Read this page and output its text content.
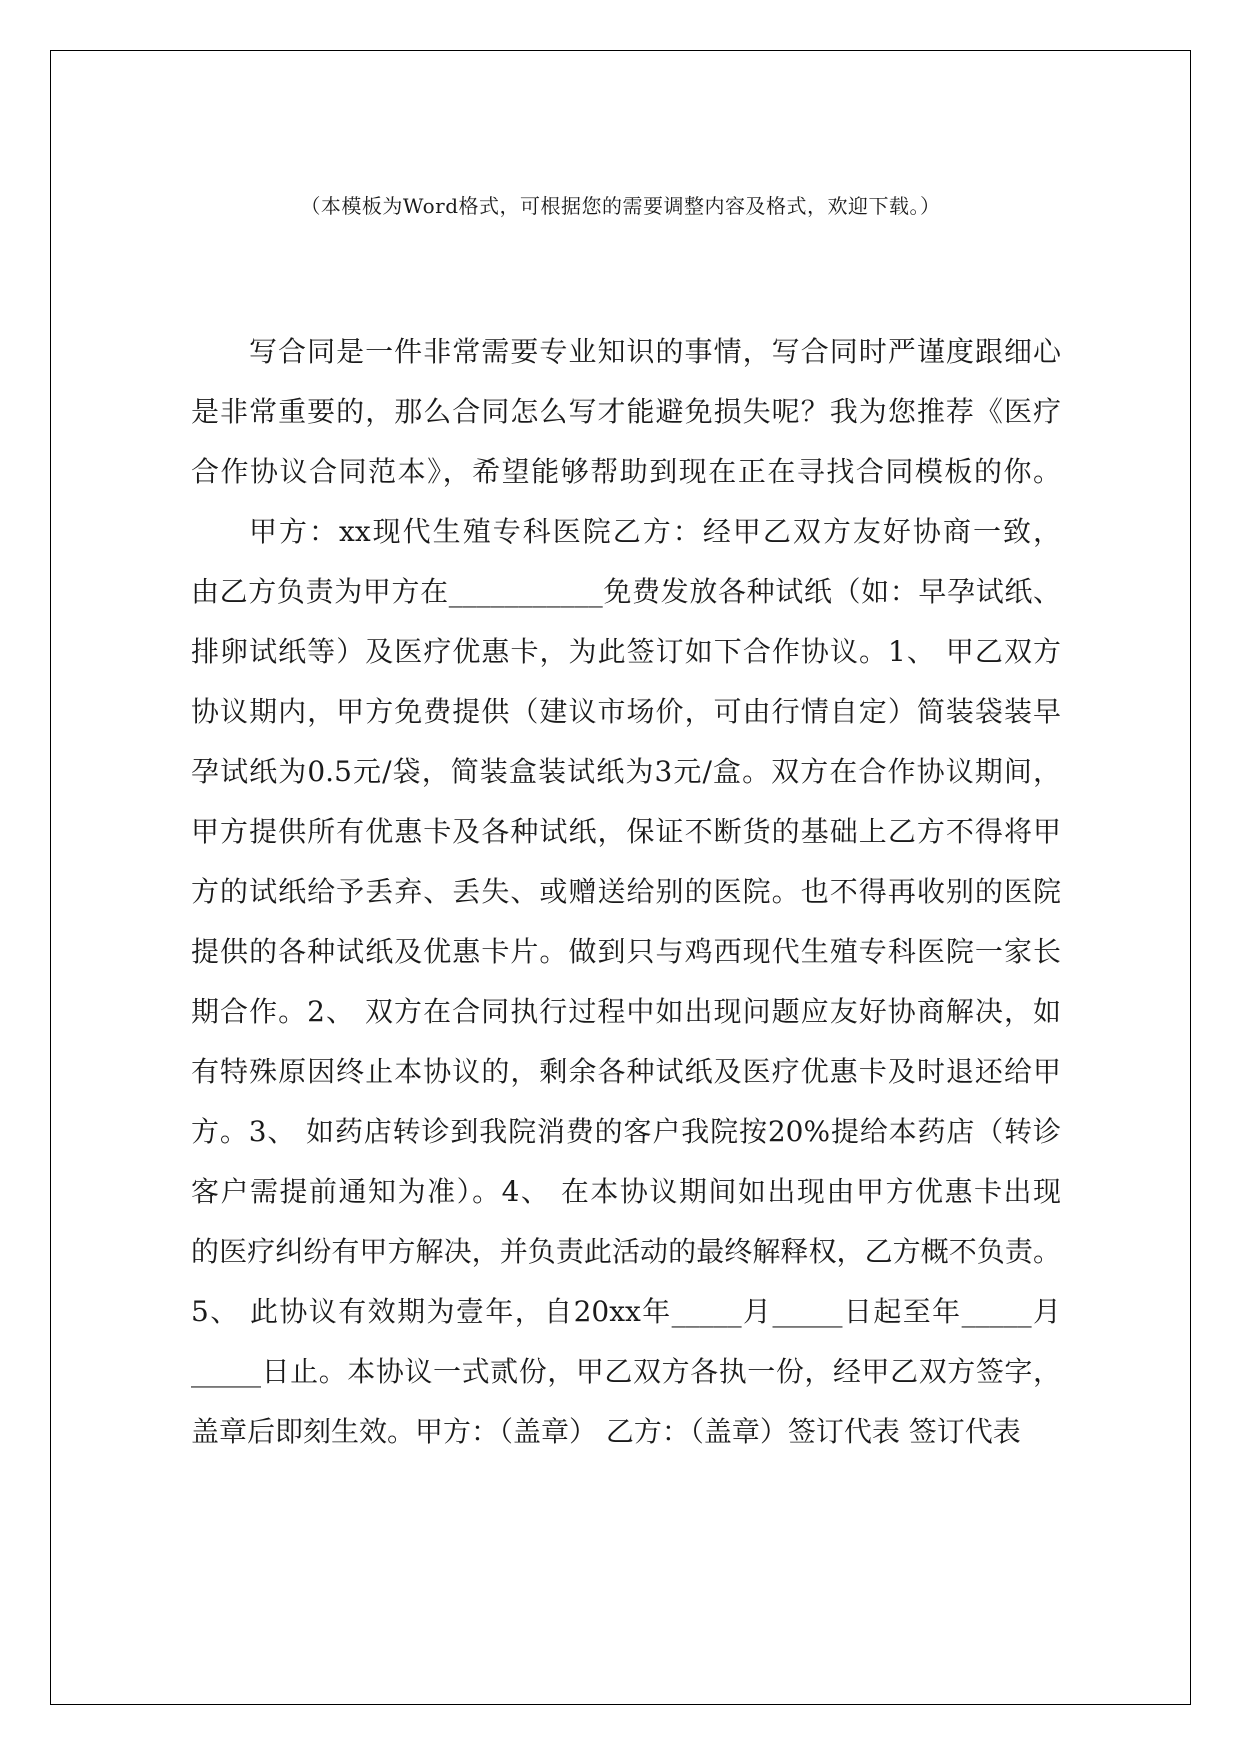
（本模板为Word格式，可根据您的需要调整内容及格式，欢迎下载。）
写合同是一件非常需要专业知识的事情，写合同时严谨度跟细心
是非常重要的，那么合同怎么写才能避免损失呢？我为您推荐《医疗
合作协议合同范本》，希望能够帮助到现在正在寻找合同模板的你。
甲方：xx现代生殖专科医院乙方：经甲乙双方友好协商一致，
由乙方负责为甲方在___________免费发放各种试纸（如：早孕试纸、
排卵试纸等）及医疗优惠卡，为此签订如下合作协议。1、 甲乙双方
协议期内，甲方免费提供（建议市场价，可由行情自定）简装袋装早
孕试纸为0.5元/袋，简装盒装试纸为3元/盒。双方在合作协议期间，
甲方提供所有优惠卡及各种试纸，保证不断货的基础上乙方不得将甲
方的试纸给予丢弃、丢失、或赠送给别的医院。也不得再收别的医院
提供的各种试纸及优惠卡片。做到只与鸡西现代生殖专科医院一家长
期合作。2、 双方在合同执行过程中如出现问题应友好协商解决，如
有特殊原因终止本协议的，剩余各种试纸及医疗优惠卡及时退还给甲
方。3、 如药店转诊到我院消费的客户我院按20%提给本药店（转诊
客户需提前通知为准）。4、 在本协议期间如出现由甲方优惠卡出现
的医疗纠纷有甲方解决，并负责此活动的最终解释权，乙方概不负责。
5、 此协议有效期为壹年，自20xx年_____月_____日起至年_____月
_____日止。本协议一式贰份，甲乙双方各执一份，经甲乙双方签字，
盖章后即刻生效。甲方：（盖章） 乙方：（盖章）签订代表 签订代表
